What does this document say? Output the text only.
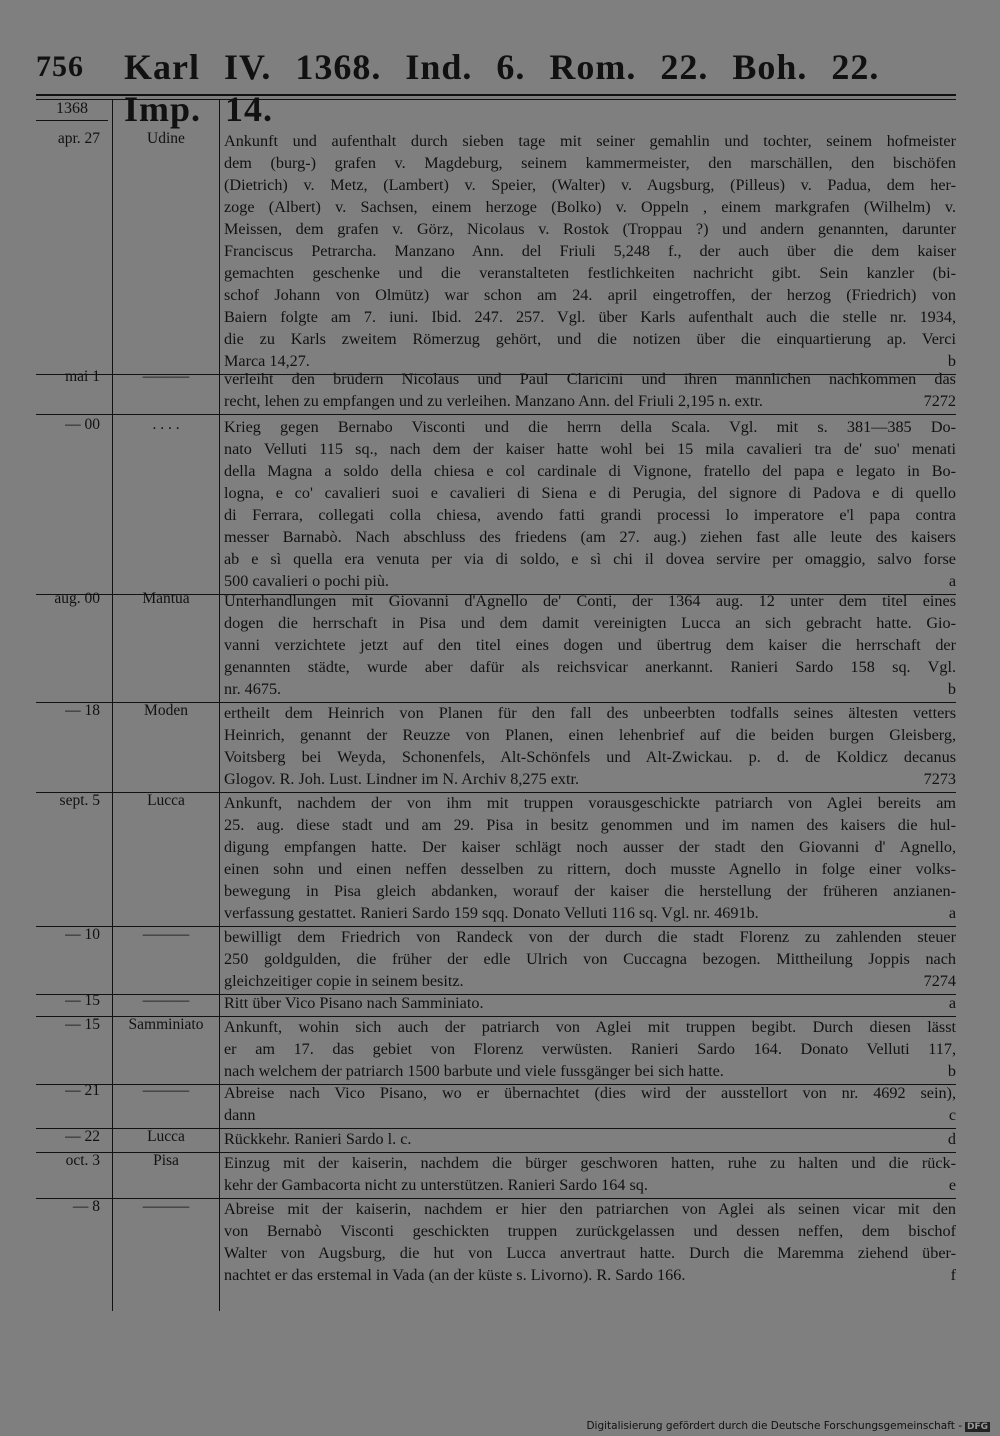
756 Karl IV. 1368. Ind. 6. Rom. 22. Boh. 22. Imp. 14.
1368
apr. 27	Udine	Ankunft und aufenthalt durch sieben tage mit seiner gemahlin und tochter, seinem hofmeister
dem (burg-) grafen v. Magdeburg, seinem kammermeister, den marschällen, den bischöfen
(Dietrich) v. Metz, (Lambert) v. Speier, (Walter) v. Augsburg, (Pilleus) v. Padua, dem her-
zoge (Albert) v. Sachsen, einem herzoge (Bolko) v. Oppeln , einem markgrafen (Wilhelm) v.
Meissen, dem grafen v. Görz, Nicolaus v. Rostok (Troppau ?) und andern genannten, darunter
Franciscus Petrarcha. Manzano Ann. del Friuli 5,248 f., der auch über die dem kaiser
gemachten geschenke und die veranstalteten festlichkeiten nachricht gibt. Sein kanzler (bi-
schof Johann von Olmütz) war schon am 24. april eingetroffen, der herzog (Friedrich) von
Baiern folgte am 7. iuni. Ibid. 247. 257. Vgl. über Karls aufenthalt auch die stelle nr. 1934,
die zu Karls zweitem Römerzug gehört, und die notizen über die einquartierung ap. Verci
Marca 14,27.	b
mai 1	———	verleiht den brüdern Nicolaus und Paul Claricini und ihren männlichen nachkommen das
recht, lehen zu empfangen und zu verleihen. Manzano Ann. del Friuli 2,195 n. extr.	7272
— 00	. . . .	Krieg gegen Bernabo Visconti und die herrn della Scala. Vgl. mit s. 381—385 Do-
nato Velluti 115 sq., nach dem der kaiser hatte wohl bei 15 mila cavalieri tra de' suo' menati
della Magna a soldo della chiesa e col cardinale di Vignone, fratello del papa e legato in Bo-
logna, e co' cavalieri suoi e cavalieri di Siena e di Perugia, del signore di Padova e di quello
di Ferrara, collegati colla chiesa, avendo fatti grandi processi lo imperatore e'l papa contra
messer Barnabò. Nach abschluss des friedens (am 27. aug.) ziehen fast alle leute des kaisers
ab e sì quella era venuta per via di soldo, e sì chi il dovea servire per omaggio, salvo forse
500 cavalieri o pochi più.	a
aug. 00	Mantua	Unterhandlungen mit Giovanni d'Agnello de' Conti, der 1364 aug. 12 unter dem titel eines
dogen die herrschaft in Pisa und dem damit vereinigten Lucca an sich gebracht hatte. Gio-
vanni verzichtete jetzt auf den titel eines dogen und übertrug dem kaiser die herrschaft der
genannten städte, wurde aber dafür als reichsvicar anerkannt. Ranieri Sardo 158 sq. Vgl.
nr. 4675.	b
— 18	Moden	ertheilt dem Heinrich von Planen für den fall des unbeerbten todfalls seines ältesten vetters
Heinrich, genannt der Reuzze von Planen, einen lehenbrief auf die beiden burgen Gleisberg,
Voitsberg bei Weyda, Schonenfels, Alt-Schönfels und Alt-Zwickau. p. d. de Koldicz decanus
Glogov. R. Joh. Lust. Lindner im N. Archiv 8,275 extr.	7273
sept. 5	Lucca	Ankunft, nachdem der von ihm mit truppen vorausgeschickte patriarch von Aglei bereits am
25. aug. diese stadt und am 29. Pisa in besitz genommen und im namen des kaisers die hul-
digung empfangen hatte. Der kaiser schlägt noch ausser der stadt den Giovanni d' Agnello,
einen sohn und einen neffen desselben zu rittern, doch musste Agnello in folge einer volks-
bewegung in Pisa gleich abdanken, worauf der kaiser die herstellung der früheren anzianen-
verfassung gestattet. Ranieri Sardo 159 sqq. Donato Velluti 116 sq. Vgl. nr. 4691b.	a
— 10	———	bewilligt dem Friedrich von Randeck von der durch die stadt Florenz zu zahlenden steuer
250 goldgulden, die früher der edle Ulrich von Cuccagna bezogen. Mittheilung Joppis nach
gleichzeitiger copie in seinem besitz.	7274
— 15	———	Ritt über Vico Pisano nach Samminiato.	a
— 15	Samminiato	Ankunft, wohin sich auch der patriarch von Aglei mit truppen begibt. Durch diesen lässt
er am 17. das gebiet von Florenz verwüsten. Ranieri Sardo 164. Donato Velluti 117,
nach welchem der patriarch 1500 barbute und viele fussgänger bei sich hatte.	b
— 21	———	Abreise nach Vico Pisano, wo er übernachtet (dies wird der ausstellort von nr. 4692 sein),
dann	c
— 22	Lucca	Rückkehr. Ranieri Sardo l. c.	d
oct. 3	Pisa	Einzug mit der kaiserin, nachdem die bürger geschworen hatten, ruhe zu halten und die rück-
kehr der Gambacorta nicht zu unterstützen. Ranieri Sardo 164 sq.	e
— 8	———	Abreise mit der kaiserin, nachdem er hier den patriarchen von Aglei als seinen vicar mit den
von Bernabò Visconti geschickten truppen zurückgelassen und dessen neffen, dem bischof
Walter von Augsburg, die hut von Lucca anvertraut hatte. Durch die Maremma ziehend über-
nachtet er das erstemal in Vada (an der küste s. Livorno). R. Sardo 166.	f
Digitalisierung gefördert durch die Deutsche Forschungsgemeinschaft - DFG
